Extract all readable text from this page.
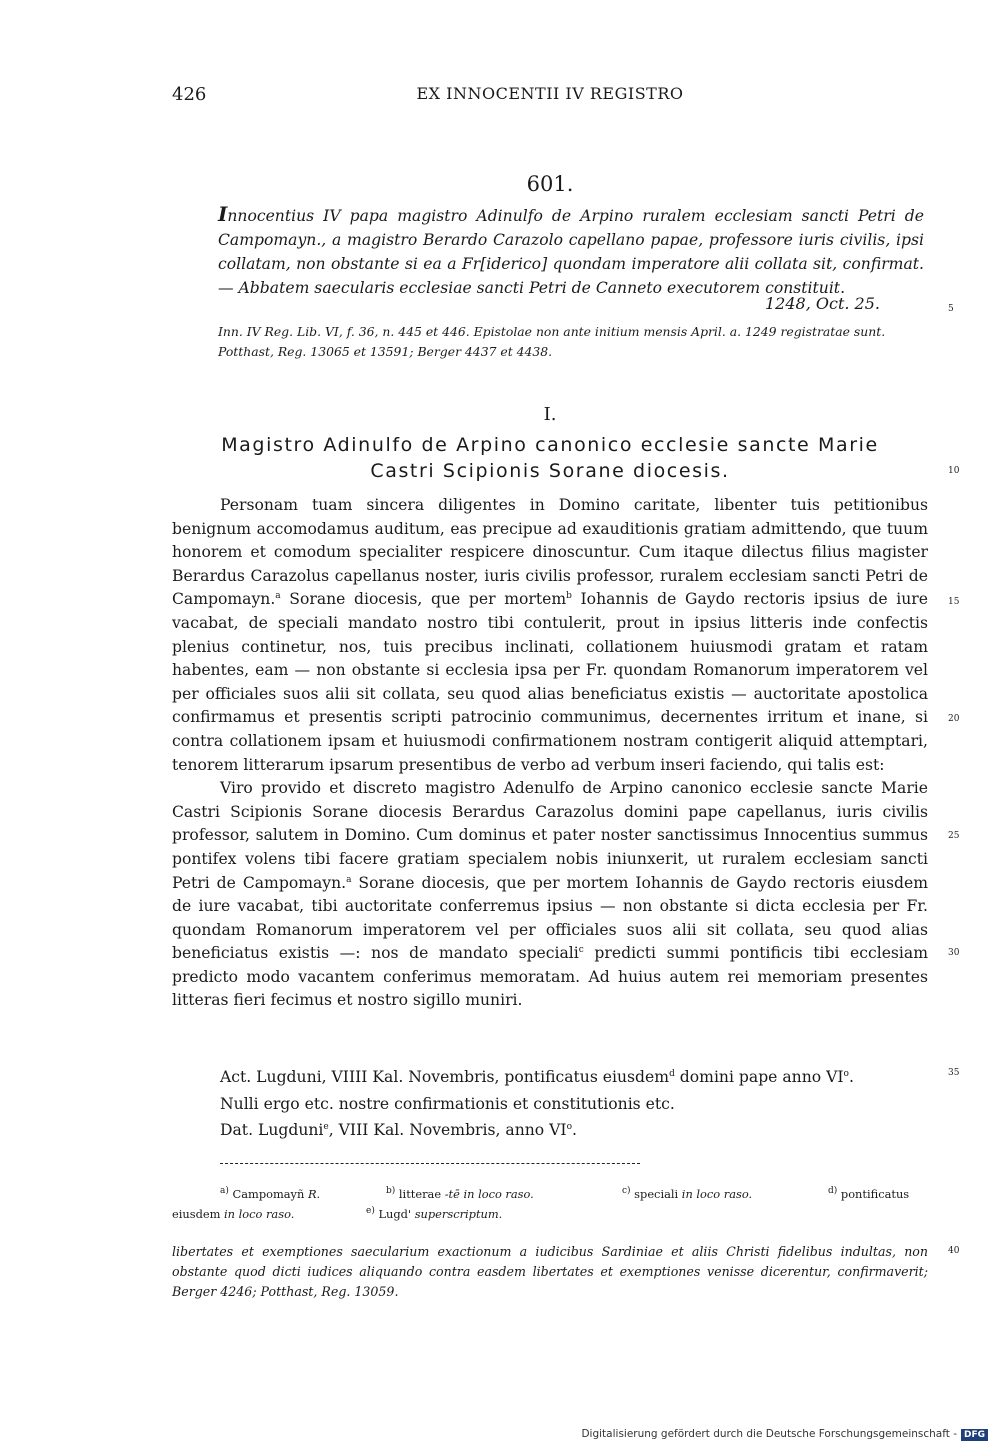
426	EX INNOCENTII IV REGISTRO
601.
Innocentius IV papa magistro Adinulfo de Arpino ruralem ecclesiam sancti Petri de Campomayn., a magistro Berardo Carazolo capellano papae, professore iuris civilis, ipsi collatam, non obstante si ea a Fr[iderico] quondam imperatore alii collata sit, confirmat. — Abbatem saecularis ecclesiae sancti Petri de Canneto executorem constituit.
1248, Oct. 25.
Inn. IV Reg. Lib. VI, f. 36, n. 445 et 446. Epistolae non ante initium mensis April. a. 1249 registratae sunt.
Potthast, Reg. 13065 et 13591; Berger 4437 et 4438.
I.
Magistro Adinulfo de Arpino canonico ecclesie sancte Marie
Castri Scipionis Sorane diocesis.

Personam tuam sincera diligentes in Domino caritate, libenter tuis petitionibus benignum accomodamus auditum, eas precipue ad exauditionis gratiam admittendo, que tuum honorem et comodum specialiter respicere dinoscuntur. Cum itaque dilectus filius magister Berardus Carazolus capellanus noster, iuris civilis professor, ruralem ecclesiam sancti Petri de Campomayn.$^a$ Sorane diocesis, que per mortem$^b$ Iohannis de Gaydo rectoris ipsius de iure vacabat, de speciali mandato nostro tibi contulerit, prout in ipsius litteris inde confectis plenius continetur, nos, tuis precibus inclinati, collationem huiusmodi gratam et ratam habentes, eam — non obstante si ecclesia ipsa per Fr. quondam Romanorum imperatorem vel per officiales suos alii sit collata, seu quod alias beneficiatus existis — auctoritate apostolica confirmamus et presentis scripti patrocinio communimus, decernentes irritum et inane, si contra collationem ipsam et huiusmodi confirmationem nostram contigerit aliquid attemptari, tenorem litterarum ipsarum presentibus de verbo ad verbum inseri faciendo, qui talis est:

Viro provido et discreto magistro Adenulfo de Arpino canonico ecclesie sancte Marie Castri Scipionis Sorane diocesis Berardus Carazolus domini pape capellanus, iuris civilis professor, salutem in Domino. Cum dominus et pater noster sanctissimus Innocentius summus pontifex volens tibi facere gratiam specialem nobis iniunxerit, ut ruralem ecclesiam sancti Petri de Campomayn.$^a$ Sorane diocesis, que per mortem Iohannis de Gaydo rectoris eiusdem de iure vacabat, tibi auctoritate conferremus ipsius — non obstante si dicta ecclesia per Fr. quondam Romanorum imperatorem vel per officiales suos alii sit collata, seu quod alias beneficiatus existis —: nos de mandato speciali$^c$ predicti summi pontificis tibi ecclesiam predicto modo vacantem conferimus memoratam. Ad huius autem rei memoriam presentes litteras fieri fecimus et nostro sigillo muniri.

Act. Lugduni, VIIII Kal. Novembris, pontificatus eiusdem$^d$ domini pape anno $VI^o$.
Nulli ergo etc. nostre confirmationis et constitutionis etc.
Dat. Lugduni$^e$, VIII Kal. Novembris, anno $VI^o$.
$^{a)}$ Campomayñ R.	$^{b)}$ litterae -tē in loco raso.	$^{c)}$ speciali in loco raso.	$^{d)}$ pontificatus
eiusdem in loco raso.	$^{e)}$ Lugd' superscriptum.
libertates et exemptiones saecularium exactionum a iudicibus Sardiniae et aliis Christi fidelibus indultas, non obstante quod dicti iudices aliquando contra easdem libertates et exemptiones venisse dicerentur, confirmaverit; Berger 4246; Potthast, Reg. 13059.
5
10
15
20
25
30
35
40
Digitalisierung gefördert durch die Deutsche Forschungsgemeinschaft - DFG
